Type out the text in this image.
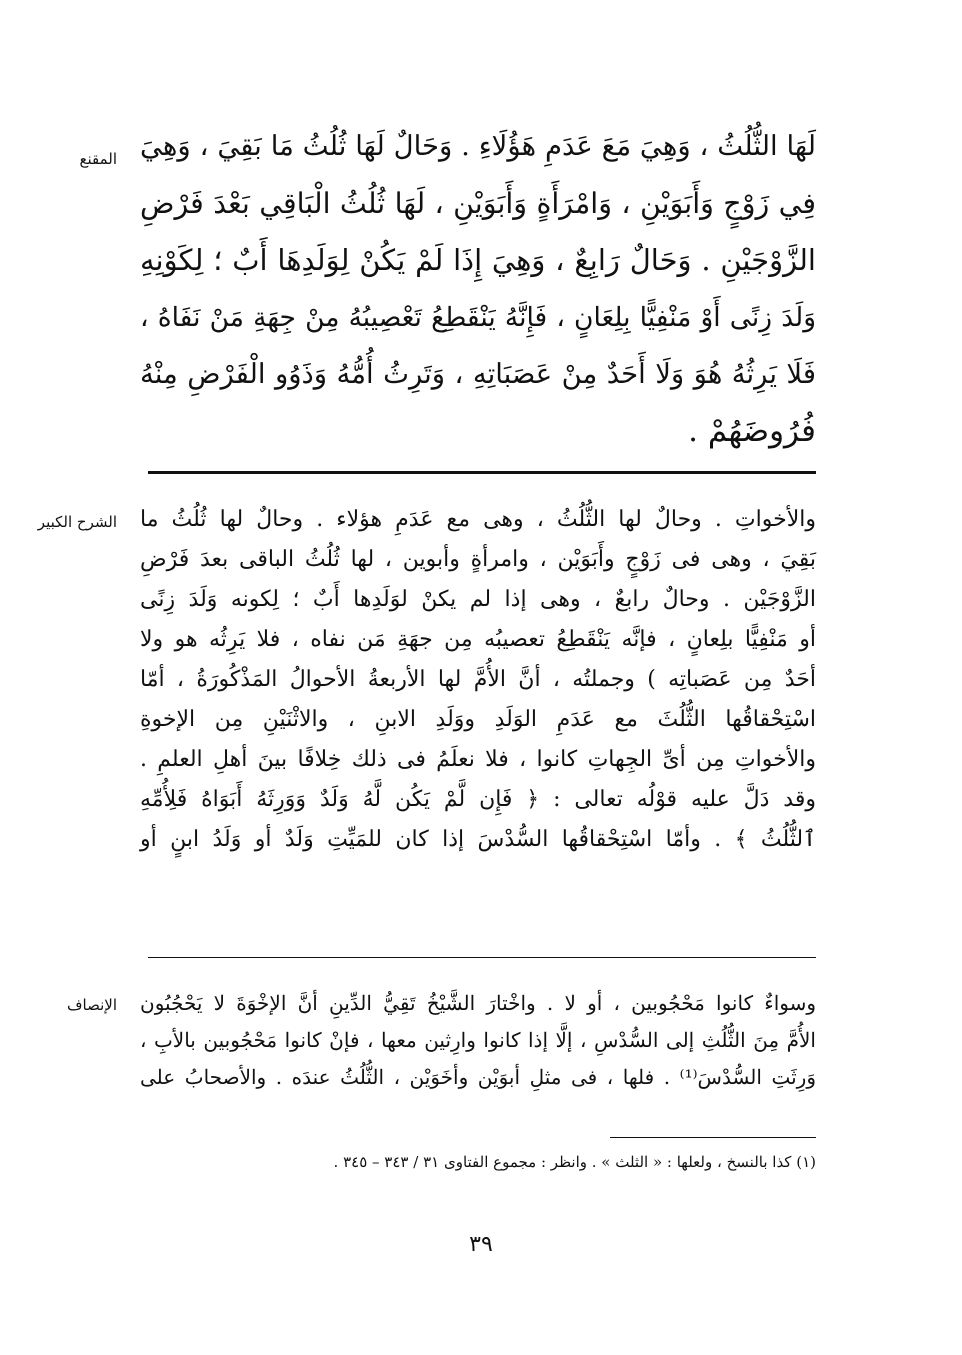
المقنع لَهَا الثُّلُثُ ، وَهِيَ مَعَ عَدَمِ هَؤُلَاءِ . وَحَالٌ لَهَا ثُلُثُ مَا بَقِيَ ، وَهِيَ
فِي زَوْجٍ وَأَبَوَيْنِ ، وَامْرَأَةٍ وَأَبَوَيْنِ ، لَهَا ثُلُثُ الْبَاقِي بَعْدَ فَرْضِ
الزَّوْجَيْنِ . وَحَالٌ رَابِعٌ ، وَهِيَ إِذَا لَمْ يَكُنْ لِوَلَدِهَا أَبٌ ؛ لِكَوْنِهِ
وَلَدَ زِنًى أَوْ مَنْفِيًّا بِلِعَانٍ ، فَإِنَّهُ يَنْقَطِعُ تَعْصِيبُهُ مِنْ جِهَةِ مَنْ نَفَاهُ ،
فَلَا يَرِثُهُ هُوَ وَلَا أَحَدٌ مِنْ عَصَبَاتِهِ ، وَتَرِثُ أُمُّهُ وَذَوُو الْفَرْضِ مِنْهُ
فُرُوضَهُمْ .
الشرح الكبير والأخواتِ . وحالٌ لها الثُّلُثُ ، وهى مع عَدَمِ هؤلاء . وحالٌ لها ثُلُثُ ما
بَقِيَ ، وهى فى زَوْجٍ وأَبَوَيْن ، وامرأةٍ وأبوين ، لها ثُلُثُ الباقى بعدَ فَرْضِ
الزَّوْجَيْن . وحالٌ رابعٌ ، وهى إذا لم يكنْ لوَلَدِها أَبٌ ؛ لِكونه وَلَدَ زِنًى
أو مَنْفِيًّا بلِعانٍ ، فإنَّه يَنْقَطِعُ تعصيبُه مِن جهَةِ مَن نفاه ، فلا يَرِثُه هو ولا
أحَدٌ مِن عَصَباتِه ) وجملتُه ، أنَّ الأُمَّ لها الأربعةُ الأحوالُ المَذْكُورَةُ ، أمّا
اسْتِحْقاقُها الثُّلُثَ مع عَدَمِ الوَلَدِ ووَلَدِ الابنِ ، والاثْنَيْنِ مِن الإخوةِ
والأخواتِ مِن أىِّ الجِهاتِ كانوا ، فلا نعلَمُ فى ذلك خِلافًا بينَ أهلِ العلمِ .
وقد دَلَّ عليه قوْلُه تعالى : ﴿ فَإِن لَّمْ يَكُن لَّهُ وَلَدٌ وَوَرِثَهُ أَبَوَاهُ فَلِأُمِّهِ
ٱلثُّلُثُ ﴾ . وأمّا اسْتِحْقاقُها السُّدْسَ إذا كان للمَيِّتِ وَلَدٌ أو وَلَدُ ابنٍ أو
الإنصاف وسواءٌ كانوا مَحْجُوبين ، أو لا . واخْتارَ الشَّيْخُ تَقِيُّ الدِّينِ أنَّ الإخْوَةَ لا يَحْجُبُون
الأُمَّ مِنَ الثُّلُثِ إلى السُّدْسِ ، إلَّا إذا كانوا وارِثين معها ، فإنْ كانوا مَحْجُوبين بالأبِ ،
وَرِثَتِ السُّدْسَ⁽¹⁾ . فلها ، فى مثلِ أبوَيْن وأخَوَيْن ، الثُّلُثُ عندَه . والأصحابُ على
(١) كذا بالنسخ ، ولعلها : « الثلث » . وانظر : مجموع الفتاوى ٣١ / ٣٤٣ – ٣٤٥ .
٣٩
